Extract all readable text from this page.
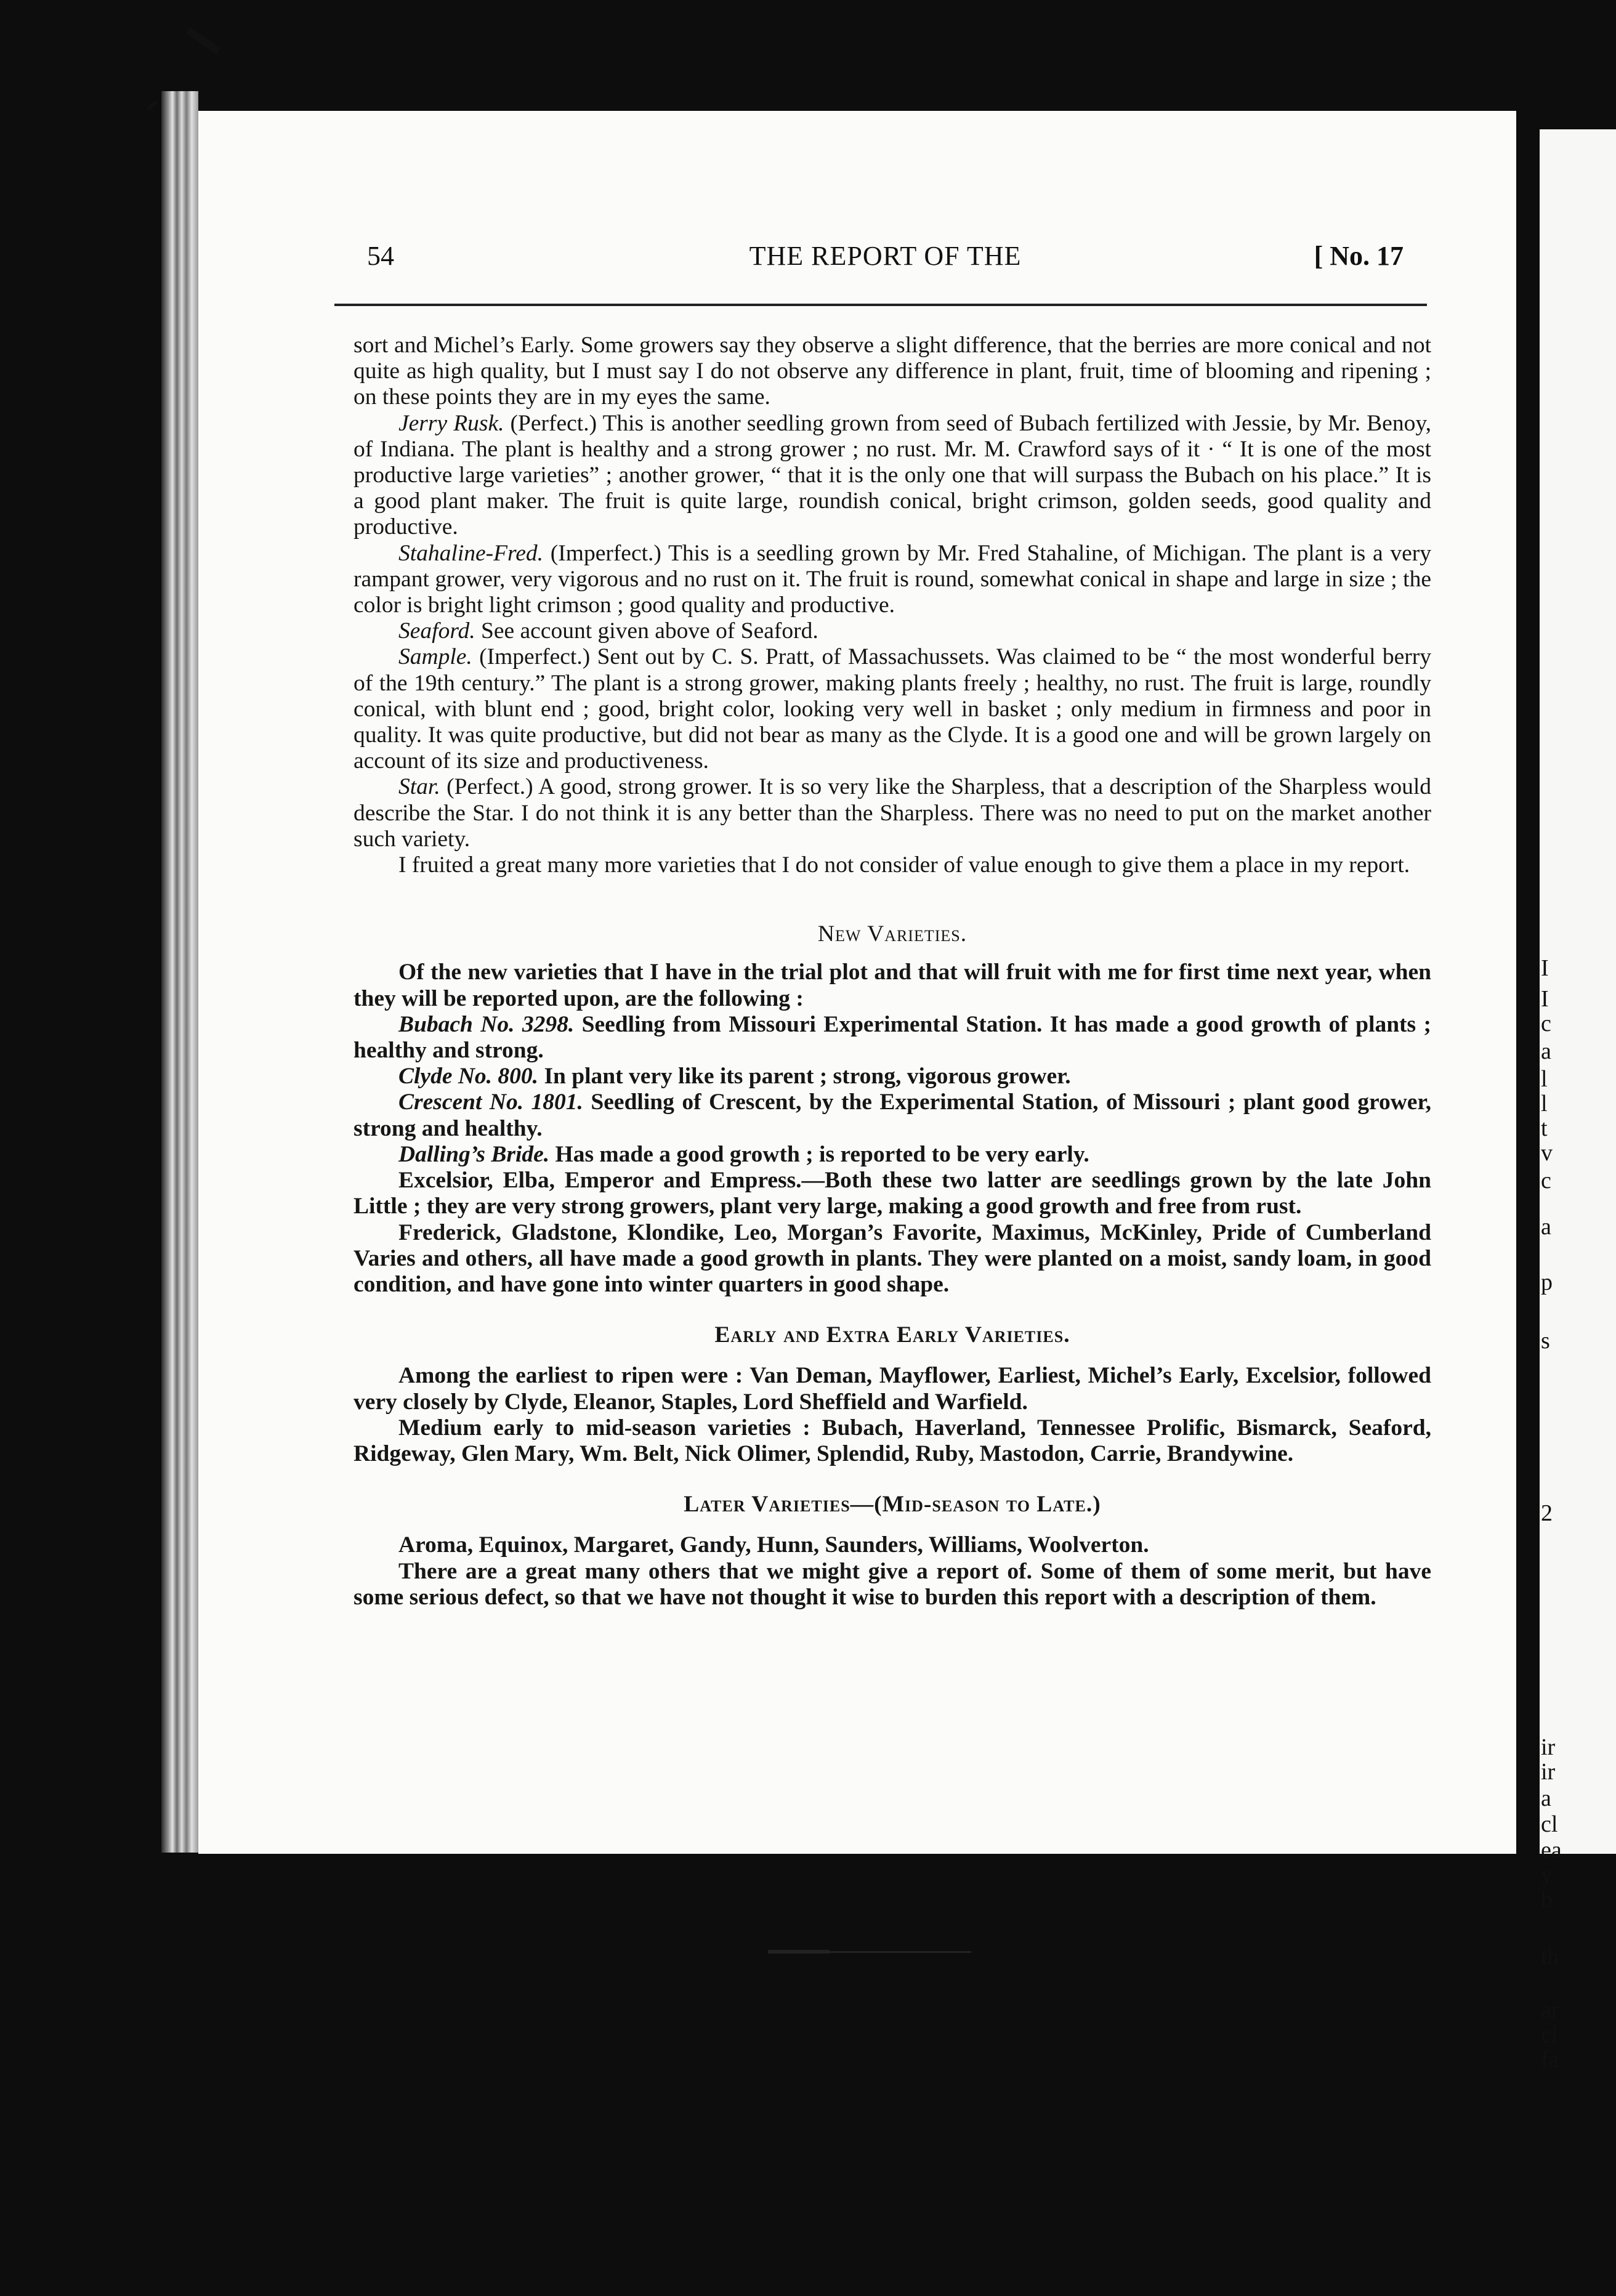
I
I
c
a
l
l
t
v
c
a
p
s
2
ir
ir
a
cl
ea
y
b
th
ar
cl
fa
54	THE REPORT OF THE	[ No. 17

sort and Michel’s Early. Some growers say they observe a slight difference, that the berries are more conical and not quite as high quality, but I must say I do not observe any difference in plant, fruit, time of blooming and ripening ; on these points they are in my eyes the same.

Jerry Rusk. (Perfect.) This is another seedling grown from seed of Bubach fertilized with Jessie, by Mr. Benoy, of Indiana. The plant is healthy and a strong grower ; no rust. Mr. M. Crawford says of it · “ It is one of the most productive large varieties” ; another grower, “ that it is the only one that will surpass the Bubach on his place.” It is a good plant maker. The fruit is quite large, roundish conical, bright crimson, golden seeds, good quality and productive.

Stahaline-Fred. (Imperfect.) This is a seedling grown by Mr. Fred Stahaline, of Michigan. The plant is a very rampant grower, very vigorous and no rust on it. The fruit is round, somewhat conical in shape and large in size ; the color is bright light crimson ; good quality and productive.

Seaford. See account given above of Seaford.

Sample. (Imperfect.) Sent out by C. S. Pratt, of Massachussets. Was claimed to be “ the most wonderful berry of the 19th century.” The plant is a strong grower, making plants freely ; healthy, no rust. The fruit is large, roundly conical, with blunt end ; good, bright color, looking very well in basket ; only medium in firmness and poor in quality. It was quite productive, but did not bear as many as the Clyde. It is a good one and will be grown largely on account of its size and productiveness.

Star. (Perfect.) A good, strong grower. It is so very like the Sharpless, that a description of the Sharpless would describe the Star. I do not think it is any better than the Sharpless. There was no need to put on the market another such variety.

I fruited a great many more varieties that I do not consider of value enough to give them a place in my report.

New Varieties.

Of the new varieties that I have in the trial plot and that will fruit with me for first time next year, when they will be reported upon, are the following :

Bubach No. 3298. Seedling from Missouri Experimental Station. It has made a good growth of plants ; healthy and strong.

Clyde No. 800. In plant very like its parent ; strong, vigorous grower.

Crescent No. 1801. Seedling of Crescent, by the Experimental Station, of Missouri ; plant good grower, strong and healthy.

Dalling’s Bride. Has made a good growth ; is reported to be very early.

Excelsior, Elba, Emperor and Empress.—Both these two latter are seedlings grown by the late John Little ; they are very strong growers, plant very large, making a good growth and free from rust.

Frederick, Gladstone, Klondike, Leo, Morgan’s Favorite, Maximus, McKinley, Pride of Cumberland Varies and others, all have made a good growth in plants. They were planted on a moist, sandy loam, in good condition, and have gone into winter quarters in good shape.

Early and Extra Early Varieties.

Among the earliest to ripen were : Van Deman, Mayflower, Earliest, Michel’s Early, Excelsior, followed very closely by Clyde, Eleanor, Staples, Lord Sheffield and Warfield.

Medium early to mid-season varieties : Bubach, Haverland, Tennessee Prolific, Bismarck, Seaford, Ridgeway, Glen Mary, Wm. Belt, Nick Olimer, Splendid, Ruby, Mastodon, Carrie, Brandywine.

Later Varieties—(Mid-season to Late.)

Aroma, Equinox, Margaret, Gandy, Hunn, Saunders, Williams, Woolverton.

There are a great many others that we might give a report of. Some of them of some merit, but have some serious defect, so that we have not thought it wise to burden this report with a description of them.
